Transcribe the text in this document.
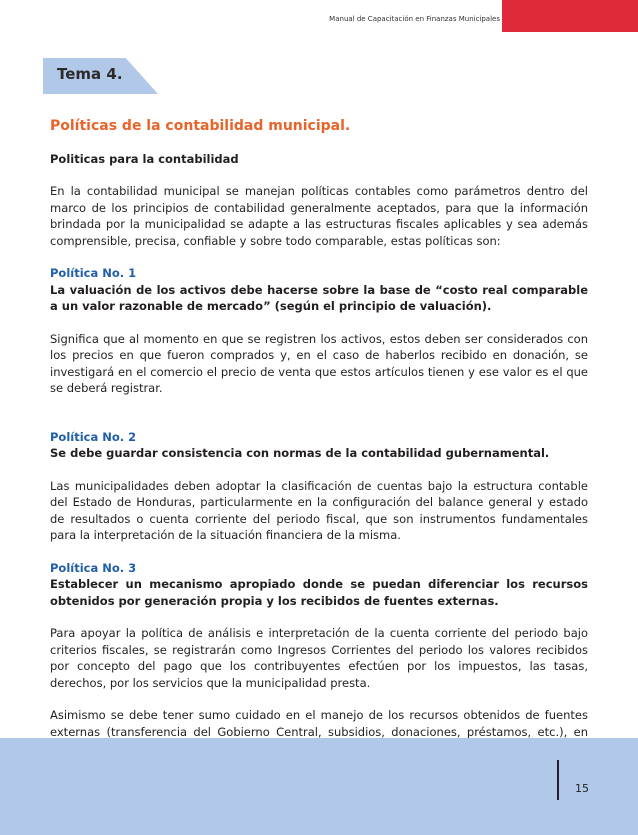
Manual de Capacitación en Finanzas Municipales
Tema 4.

Políticas de la contabilidad municipal.

Politicas para la contabilidad

En la contabilidad municipal se manejan políticas contables como parámetros dentro del marco de los principios de contabilidad generalmente aceptados, para que la información brindada por la municipalidad se adapte a las estructuras fiscales aplicables y sea además comprensible, precisa, confiable y sobre todo comparable, estas políticas son:

Política No. 1

La valuación de los activos debe hacerse sobre la base de “costo real comparable a un valor razonable de mercado” (según el principio de valuación).

Significa que al momento en que se registren los activos, estos deben ser considerados con los precios en que fueron comprados y, en el caso de haberlos recibido en donación, se investigará en el comercio el precio de venta que estos artículos tienen y ese valor es el que se deberá registrar.

Política No. 2

Se debe guardar consistencia con normas de la contabilidad gubernamental.

Las municipalidades deben adoptar la clasificación de cuentas bajo la estructura contable del Estado de Honduras, particularmente en la configuración del balance general y estado de resultados o cuenta corriente del periodo fiscal, que son instrumentos fundamentales para la interpretación de la situación financiera de la misma.

Política No. 3

Establecer un mecanismo apropiado donde se puedan diferenciar los recursos obtenidos por generación propia y los recibidos de fuentes externas.

Para apoyar la política de análisis e interpretación de la cuenta corriente del periodo bajo criterios fiscales, se registrarán como Ingresos Corrientes del periodo los valores recibidos por concepto del pago que los contribuyentes efectúen por los impuestos, las tasas, derechos, por los servicios que la municipalidad presta.

Asimismo se debe tener sumo cuidado en el manejo de los recursos obtenidos de fuentes externas (transferencia del Gobierno Central, subsidios, donaciones, préstamos, etc.), en

15
